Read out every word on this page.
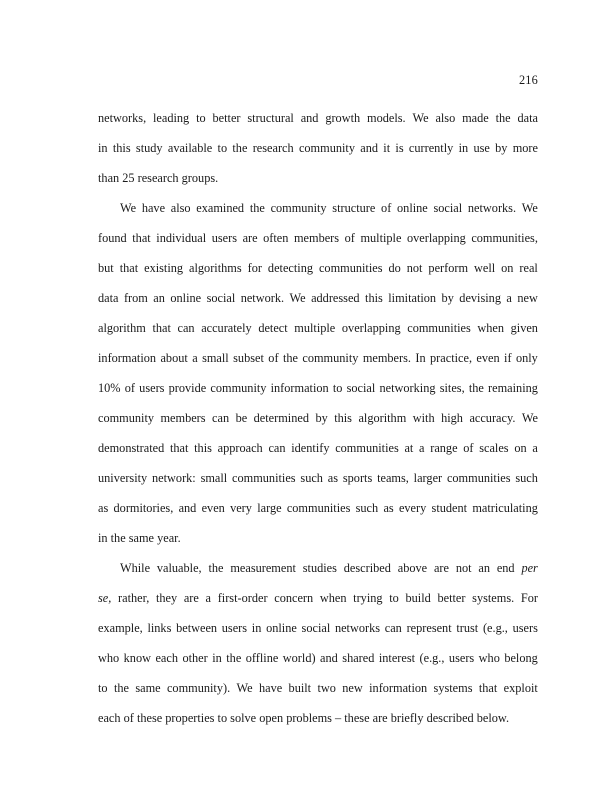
216
networks, leading to better structural and growth models. We also made the data
in this study available to the research community and it is currently in use by more
than 25 research groups.
We have also examined the community structure of online social networks. We
found that individual users are often members of multiple overlapping communities,
but that existing algorithms for detecting communities do not perform well on real
data from an online social network. We addressed this limitation by devising a new
algorithm that can accurately detect multiple overlapping communities when given
information about a small subset of the community members. In practice, even if only
10% of users provide community information to social networking sites, the remaining
community members can be determined by this algorithm with high accuracy. We
demonstrated that this approach can identify communities at a range of scales on a
university network: small communities such as sports teams, larger communities such
as dormitories, and even very large communities such as every student matriculating
in the same year.
While valuable, the measurement studies described above are not an end per
se, rather, they are a first-order concern when trying to build better systems. For
example, links between users in online social networks can represent trust (e.g., users
who know each other in the offline world) and shared interest (e.g., users who belong
to the same community). We have built two new information systems that exploit
each of these properties to solve open problems – these are briefly described below.
